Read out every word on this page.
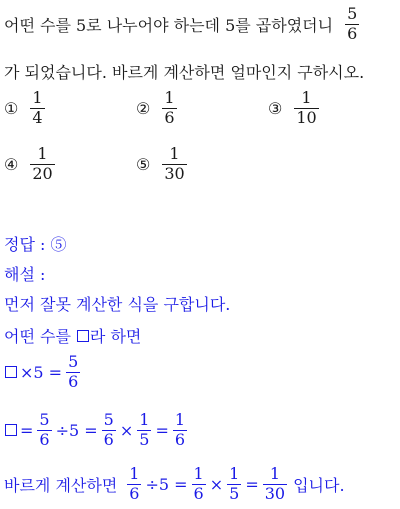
어떤 수를 5로 나누어야 하는데 5를 곱하였더니 $\frac{5}{6}$
가 되었습니다. 바르게 계산하면 얼마인지 구하시오.
① $\frac{1}{4}$	② $\frac{1}{6}$	③ $\frac{1}{10}$
④ $\frac{1}{20}$	⑤ $\frac{1}{30}$
정답 : ⑤
해설 :
먼저 잘못 계산한 식을 구합니다.
어떤 수를 라 하면
$\times 5 = \frac{5}{6}$
= $\frac{5}{6} \div 5 = \frac{5}{6} \times \frac{1}{5} = \frac{1}{6}$
바르게 계산하면 $\frac{1}{6} \div 5 = \frac{1}{6} \times \frac{1}{5} = \frac{1}{30}$ 입니다.
